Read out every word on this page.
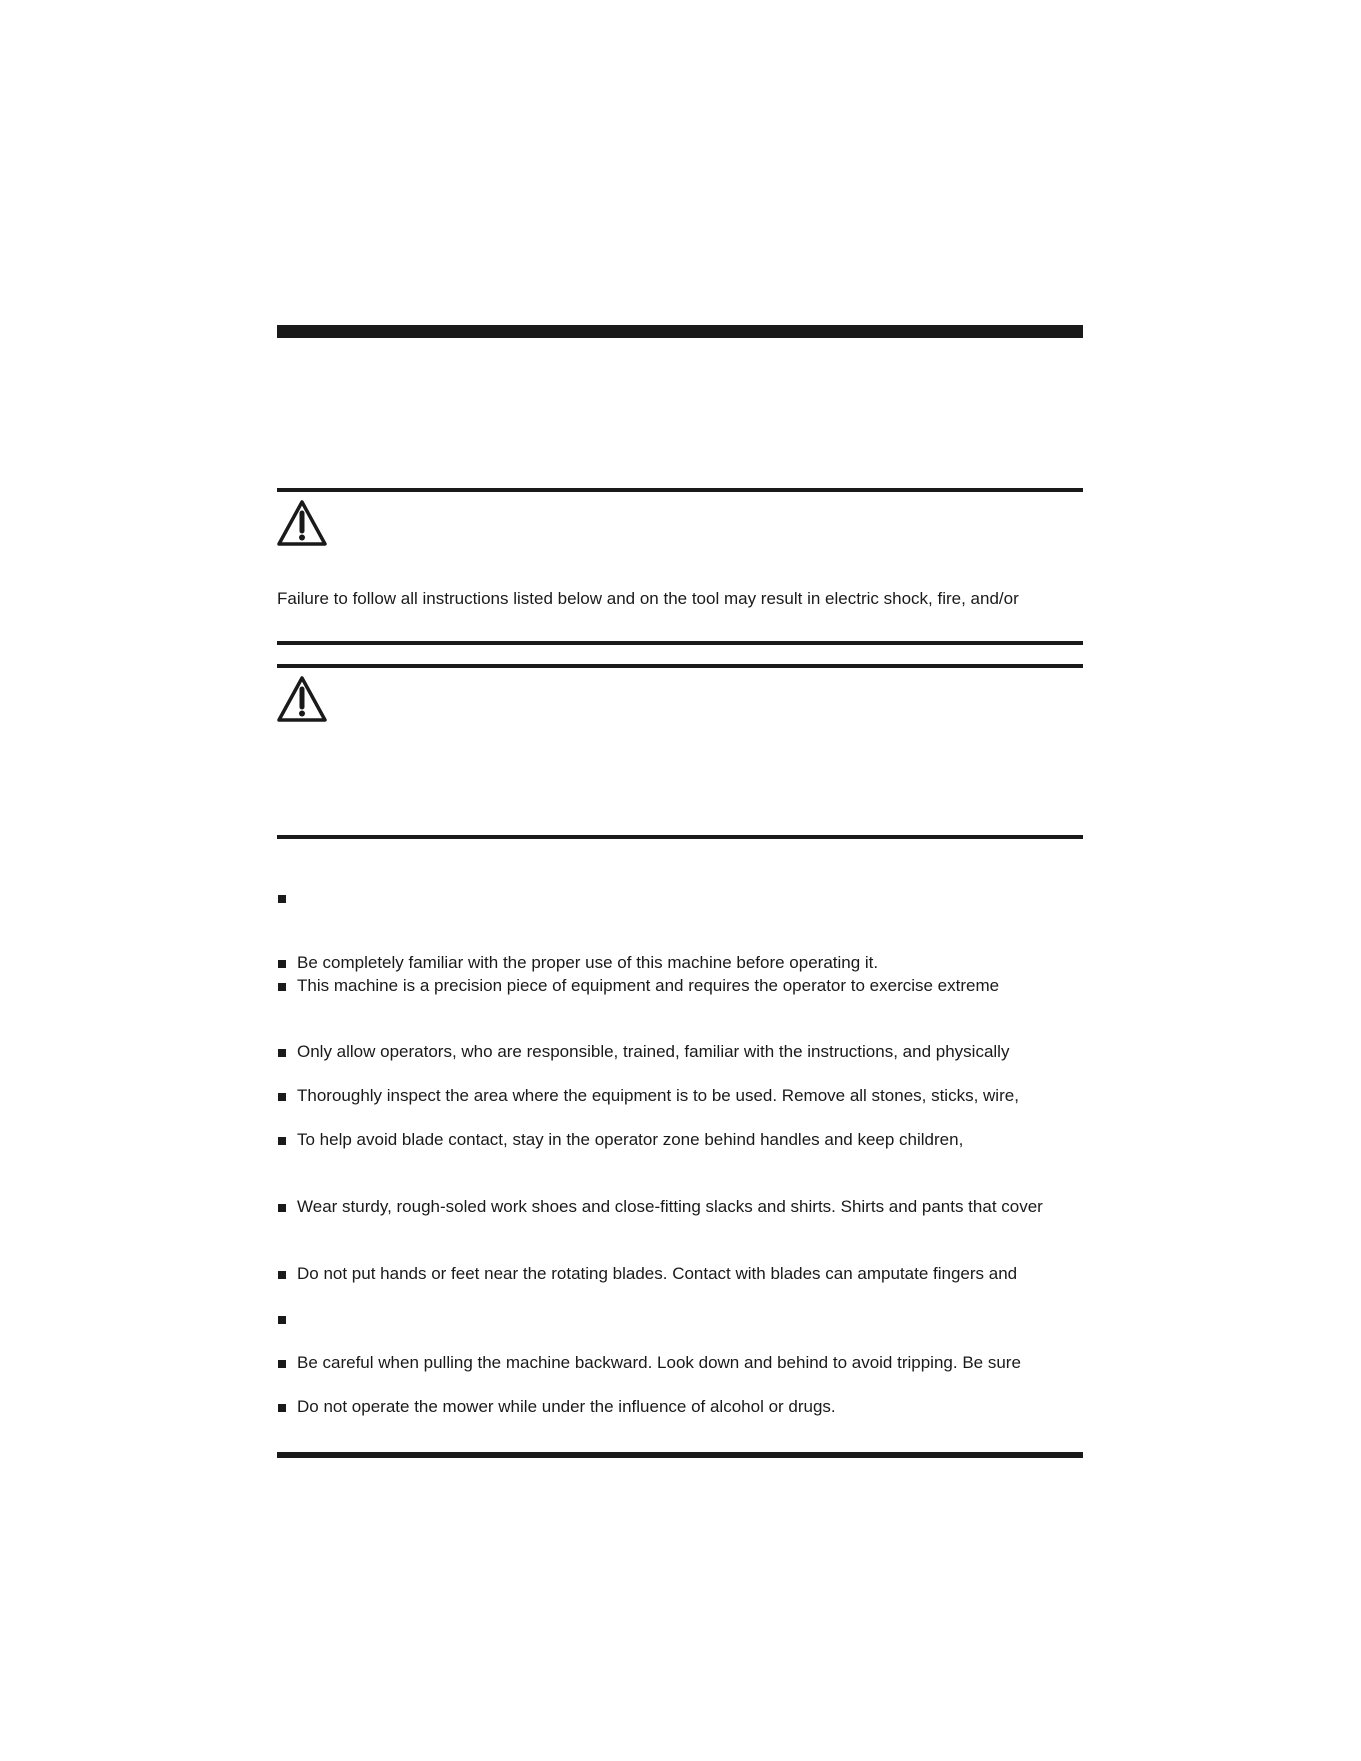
Failure to follow all instructions listed below and on the tool may result in electric shock, fire, and/or
Be completely familiar with the proper use of this machine before operating it.
This machine is a precision piece of equipment and requires the operator to exercise extreme
Only allow operators, who are responsible, trained, familiar with the instructions, and physically
Thoroughly inspect the area where the equipment is to be used. Remove all stones, sticks, wire,
To help avoid blade contact, stay in the operator zone behind handles and keep children,
Wear sturdy, rough-soled work shoes and close-fitting slacks and shirts. Shirts and pants that cover
Do not put hands or feet near the rotating blades. Contact with blades can amputate fingers and
Be careful when pulling the machine backward. Look down and behind to avoid tripping. Be sure
Do not operate the mower while under the influence of alcohol or drugs.
